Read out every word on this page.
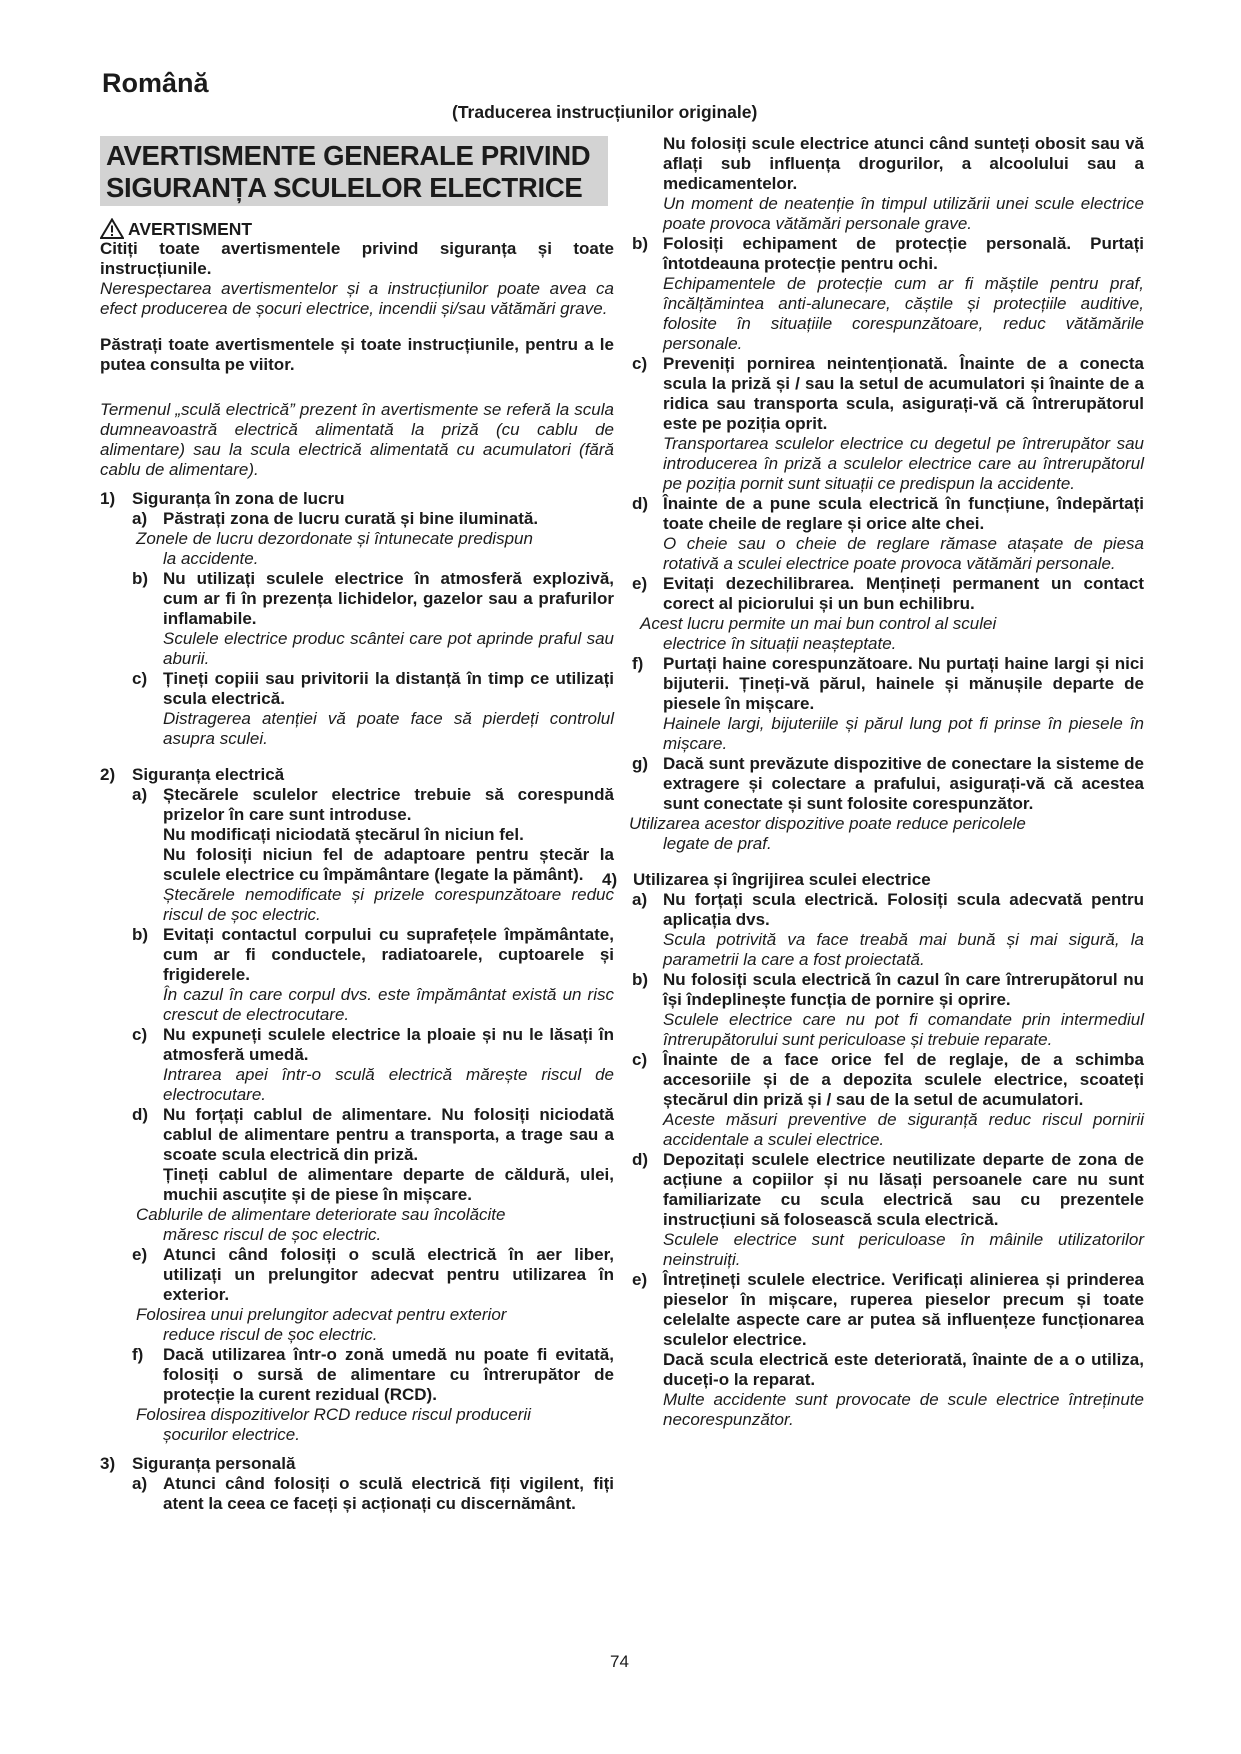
Română
(Traducerea instrucțiunilor originale)
AVERTISMENTE GENERALE PRIVIND
SIGURANȚA SCULELOR ELECTRICE
AVERTISMENT

Citiți toate avertismentele privind siguranța și toate instrucțiunile.

Nerespectarea avertismentelor și a instrucțiunilor poate avea ca efect producerea de șocuri electrice, incendii și/sau vătămări grave.

Păstrați toate avertismentele și toate instrucțiunile, pentru a le putea consulta pe viitor.

Termenul „sculă electrică” prezent în avertismente se referă la scula dumneavoastră electrică alimentată la priză (cu cablu de alimentare) sau la scula electrică alimentată cu acumulatori (fără cablu de alimentare).

1) Siguranța în zona de lucru
a) Păstrați zona de lucru curată și bine iluminată.

Zonele de lucru dezordonate și întunecate predispun

la accidente.

b) Nu utilizați sculele electrice în atmosferă explozivă, cum ar fi în prezența lichidelor, gazelor sau a prafurilor inflamabile.

Sculele electrice produc scântei care pot aprinde praful sau aburii.

c) Țineți copiii sau privitorii la distanță în timp ce utilizați scula electrică.

Distragerea atenției vă poate face să pierdeți controlul asupra sculei.

2) Siguranța electrică
a) Ștecărele sculelor electrice trebuie să corespundă prizelor în care sunt introduse.

Nu modificați niciodată ștecărul în niciun fel.

Nu folosiți niciun fel de adaptoare pentru ștecăr la sculele electrice cu împământare (legate la pământ).

Ștecărele nemodificate și prizele corespunzătoare reduc riscul de șoc electric.

b) Evitați contactul corpului cu suprafețele împământate, cum ar fi conductele, radiatoarele, cuptoarele și frigiderele.

În cazul în care corpul dvs. este împământat există un risc crescut de electrocutare.

c) Nu expuneți sculele electrice la ploaie și nu le lăsați în atmosferă umedă.

Intrarea apei într-o sculă electrică mărește riscul de electrocutare.

d) Nu forțați cablul de alimentare. Nu folosiți niciodată cablul de alimentare pentru a transporta, a trage sau a scoate scula electrică din priză.

Țineți cablul de alimentare departe de căldură, ulei, muchii ascuțite și de piese în mișcare.

Cablurile de alimentare deteriorate sau încolăcite

măresc riscul de șoc electric.

e) Atunci când folosiți o sculă electrică în aer liber, utilizați un prelungitor adecvat pentru utilizarea în exterior.

Folosirea unui prelungitor adecvat pentru exterior

reduce riscul de șoc electric.

f)	Dacă utilizarea într-o zonă umedă nu poate fi evitată, folosiți o sursă de alimentare cu întrerupător de protecție la curent rezidual (RCD).

Folosirea dispozitivelor RCD reduce riscul producerii

șocurilor electrice.

3) Siguranța personală
a) Atunci când folosiți o sculă electrică fiți vigilent, fiți atent la ceea ce faceți și acționați cu discernământ.

Nu folosiți scule electrice atunci când sunteți obosit sau vă aflați sub influența drogurilor, a alcoolului sau a medicamentelor.

Un moment de neatenție în timpul utilizării unei scule electrice poate provoca vătămări personale grave.

b) Folosiți echipament de protecție personală. Purtați întotdeauna protecție pentru ochi.

Echipamentele de protecție cum ar fi măștile pentru praf, încălțămintea anti-alunecare, căștile și protecțiile auditive, folosite în situațiile corespunzătoare, reduc vătămările personale.

c) Preveniți pornirea neintenționată. Înainte de a conecta scula la priză și / sau la setul de acumulatori și înainte de a ridica sau transporta scula, asigurați-vă că întrerupătorul este pe poziția oprit.

Transportarea sculelor electrice cu degetul pe întrerupător sau introducerea în priză a sculelor electrice care au întrerupătorul pe poziția pornit sunt situații ce predispun la accidente.

d) Înainte de a pune scula electrică în funcțiune, îndepărtați toate cheile de reglare și orice alte chei.

O cheie sau o cheie de reglare rămase atașate de piesa rotativă a sculei electrice poate provoca vătămări personale.

e) Evitați dezechilibrarea. Mențineți permanent un contact corect al piciorului și un bun echilibru.

Acest lucru permite un mai bun control al sculei

electrice în situații neașteptate.

f)	Purtați haine corespunzătoare. Nu purtați haine largi și nici bijuterii. Țineți-vă părul, hainele și mănușile departe de piesele în mișcare.

Hainele largi, bijuteriile și părul lung pot fi prinse în piesele în mișcare.

g) Dacă sunt prevăzute dispozitive de conectare la sisteme de extragere și colectare a prafului, asigurați-vă că acestea sunt conectate și sunt folosite corespunzător.

Utilizarea acestor dispozitive poate reduce pericolele

legate de praf.

4) Utilizarea și îngrijirea sculei electrice
a) Nu forțați scula electrică. Folosiți scula adecvată pentru aplicația dvs.

Scula potrivită va face treabă mai bună și mai sigură, la parametrii la care a fost proiectată.

b) Nu folosiți scula electrică în cazul în care întrerupătorul nu își îndeplinește funcția de pornire și oprire.

Sculele electrice care nu pot fi comandate prin intermediul întrerupătorului sunt periculoase și trebuie reparate.

c) Înainte de a face orice fel de reglaje, de a schimba accesoriile și de a depozita sculele electrice, scoateți ștecărul din priză și / sau de la setul de acumulatori.

Aceste măsuri preventive de siguranță reduc riscul pornirii accidentale a sculei electrice.

d) Depozitați sculele electrice neutilizate departe de zona de acțiune a copiilor și nu lăsați persoanele care nu sunt familiarizate cu scula electrică sau cu prezentele instrucțiuni să folosească scula electrică.

Sculele electrice sunt periculoase în mâinile utilizatorilor neinstruiți.

e) Întrețineți sculele electrice. Verificați alinierea și prinderea pieselor în mișcare, ruperea pieselor precum și toate celelalte aspecte care ar putea să influențeze funcționarea sculelor electrice.

Dacă scula electrică este deteriorată, înainte de a o utiliza, duceți-o la reparat.

Multe accidente sunt provocate de scule electrice întreținute necorespunzător.

74
